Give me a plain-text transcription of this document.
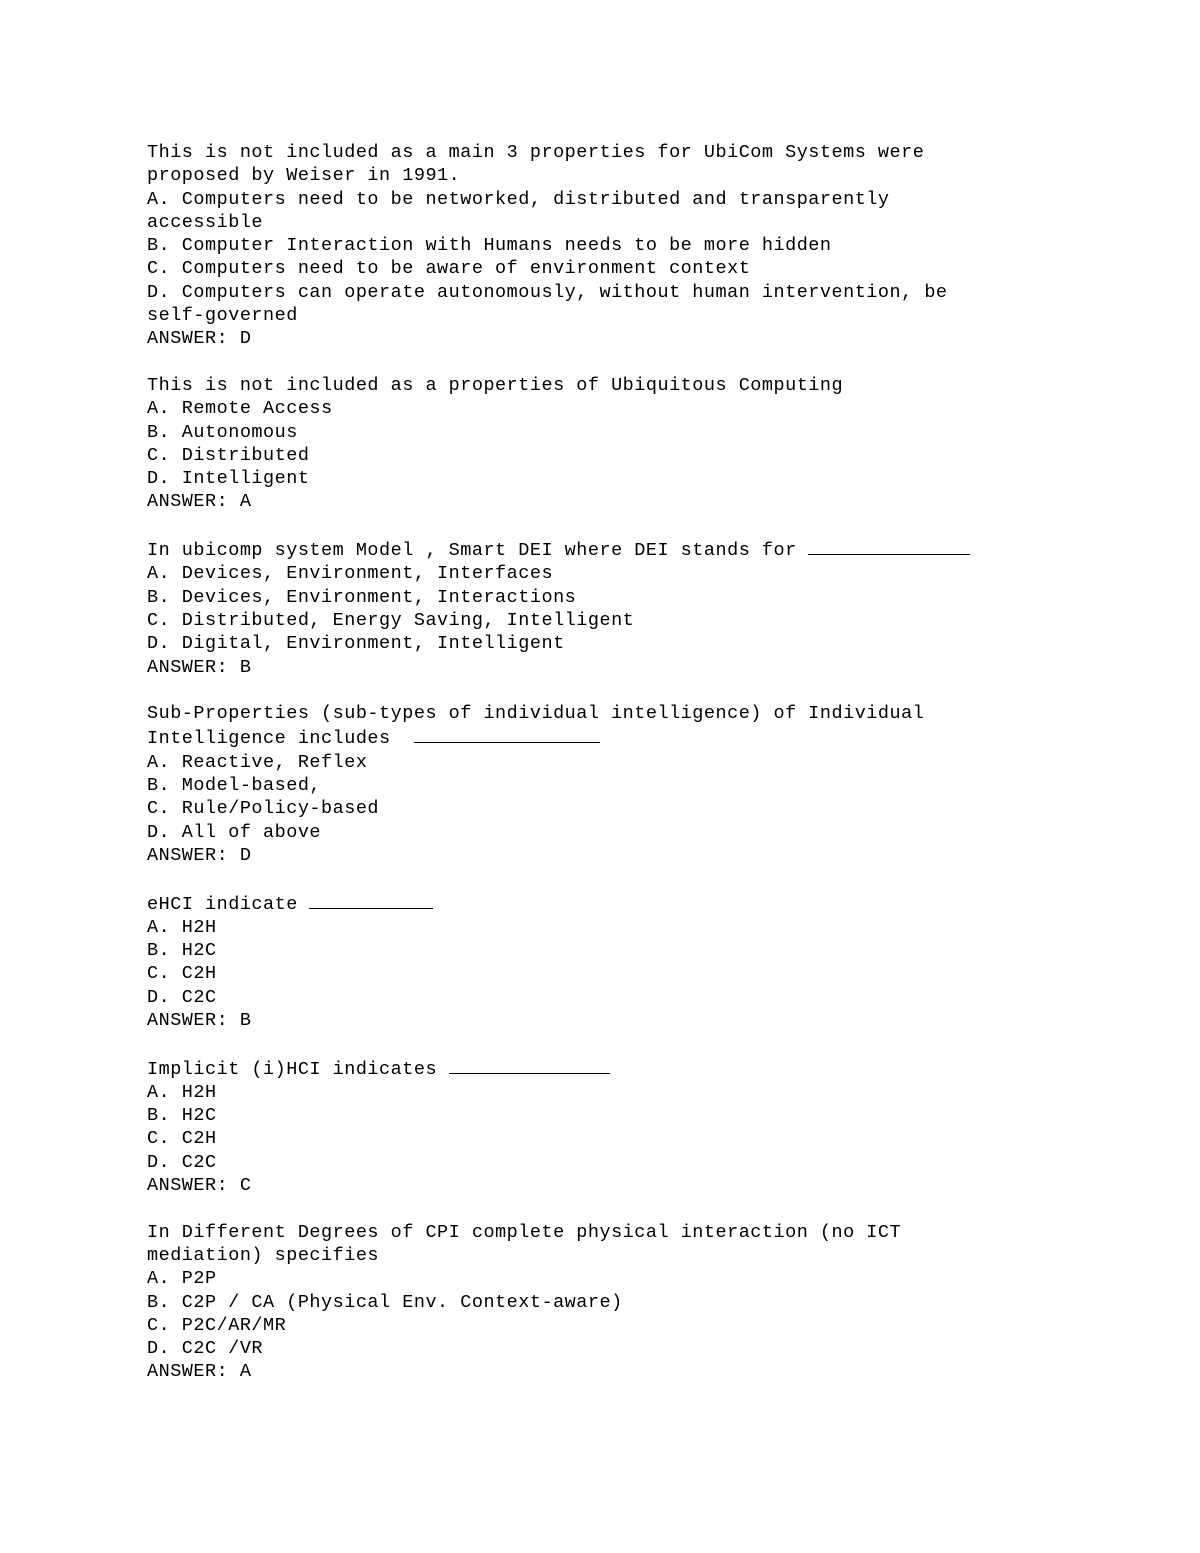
This is not included as a main 3 properties for UbiCom Systems were
proposed by Weiser in 1991.
A. Computers need to be networked, distributed and transparently
accessible
B. Computer Interaction with Humans needs to be more hidden
C. Computers need to be aware of environment context
D. Computers can operate autonomously, without human intervention, be
self-governed
ANSWER: D
This is not included as a properties of Ubiquitous Computing
A. Remote Access
B. Autonomous
C. Distributed
D. Intelligent
ANSWER: A
In ubicomp system Model , Smart DEI where DEI stands for
A. Devices, Environment, Interfaces
B. Devices, Environment, Interactions
C. Distributed, Energy Saving, Intelligent
D. Digital, Environment, Intelligent
ANSWER: B
Sub-Properties (sub-types of individual intelligence) of Individual
Intelligence includes
A. Reactive, Reflex
B. Model-based,
C. Rule/Policy-based
D. All of above
ANSWER: D
eHCI indicate
A. H2H
B. H2C
C. C2H
D. C2C
ANSWER: B
Implicit (i)HCI indicates
A. H2H
B. H2C
C. C2H
D. C2C
ANSWER: C
In Different Degrees of CPI complete physical interaction (no ICT
mediation) specifies
A. P2P
B. C2P / CA (Physical Env. Context-aware)
C. P2C/AR/MR
D. C2C /VR
ANSWER: A
